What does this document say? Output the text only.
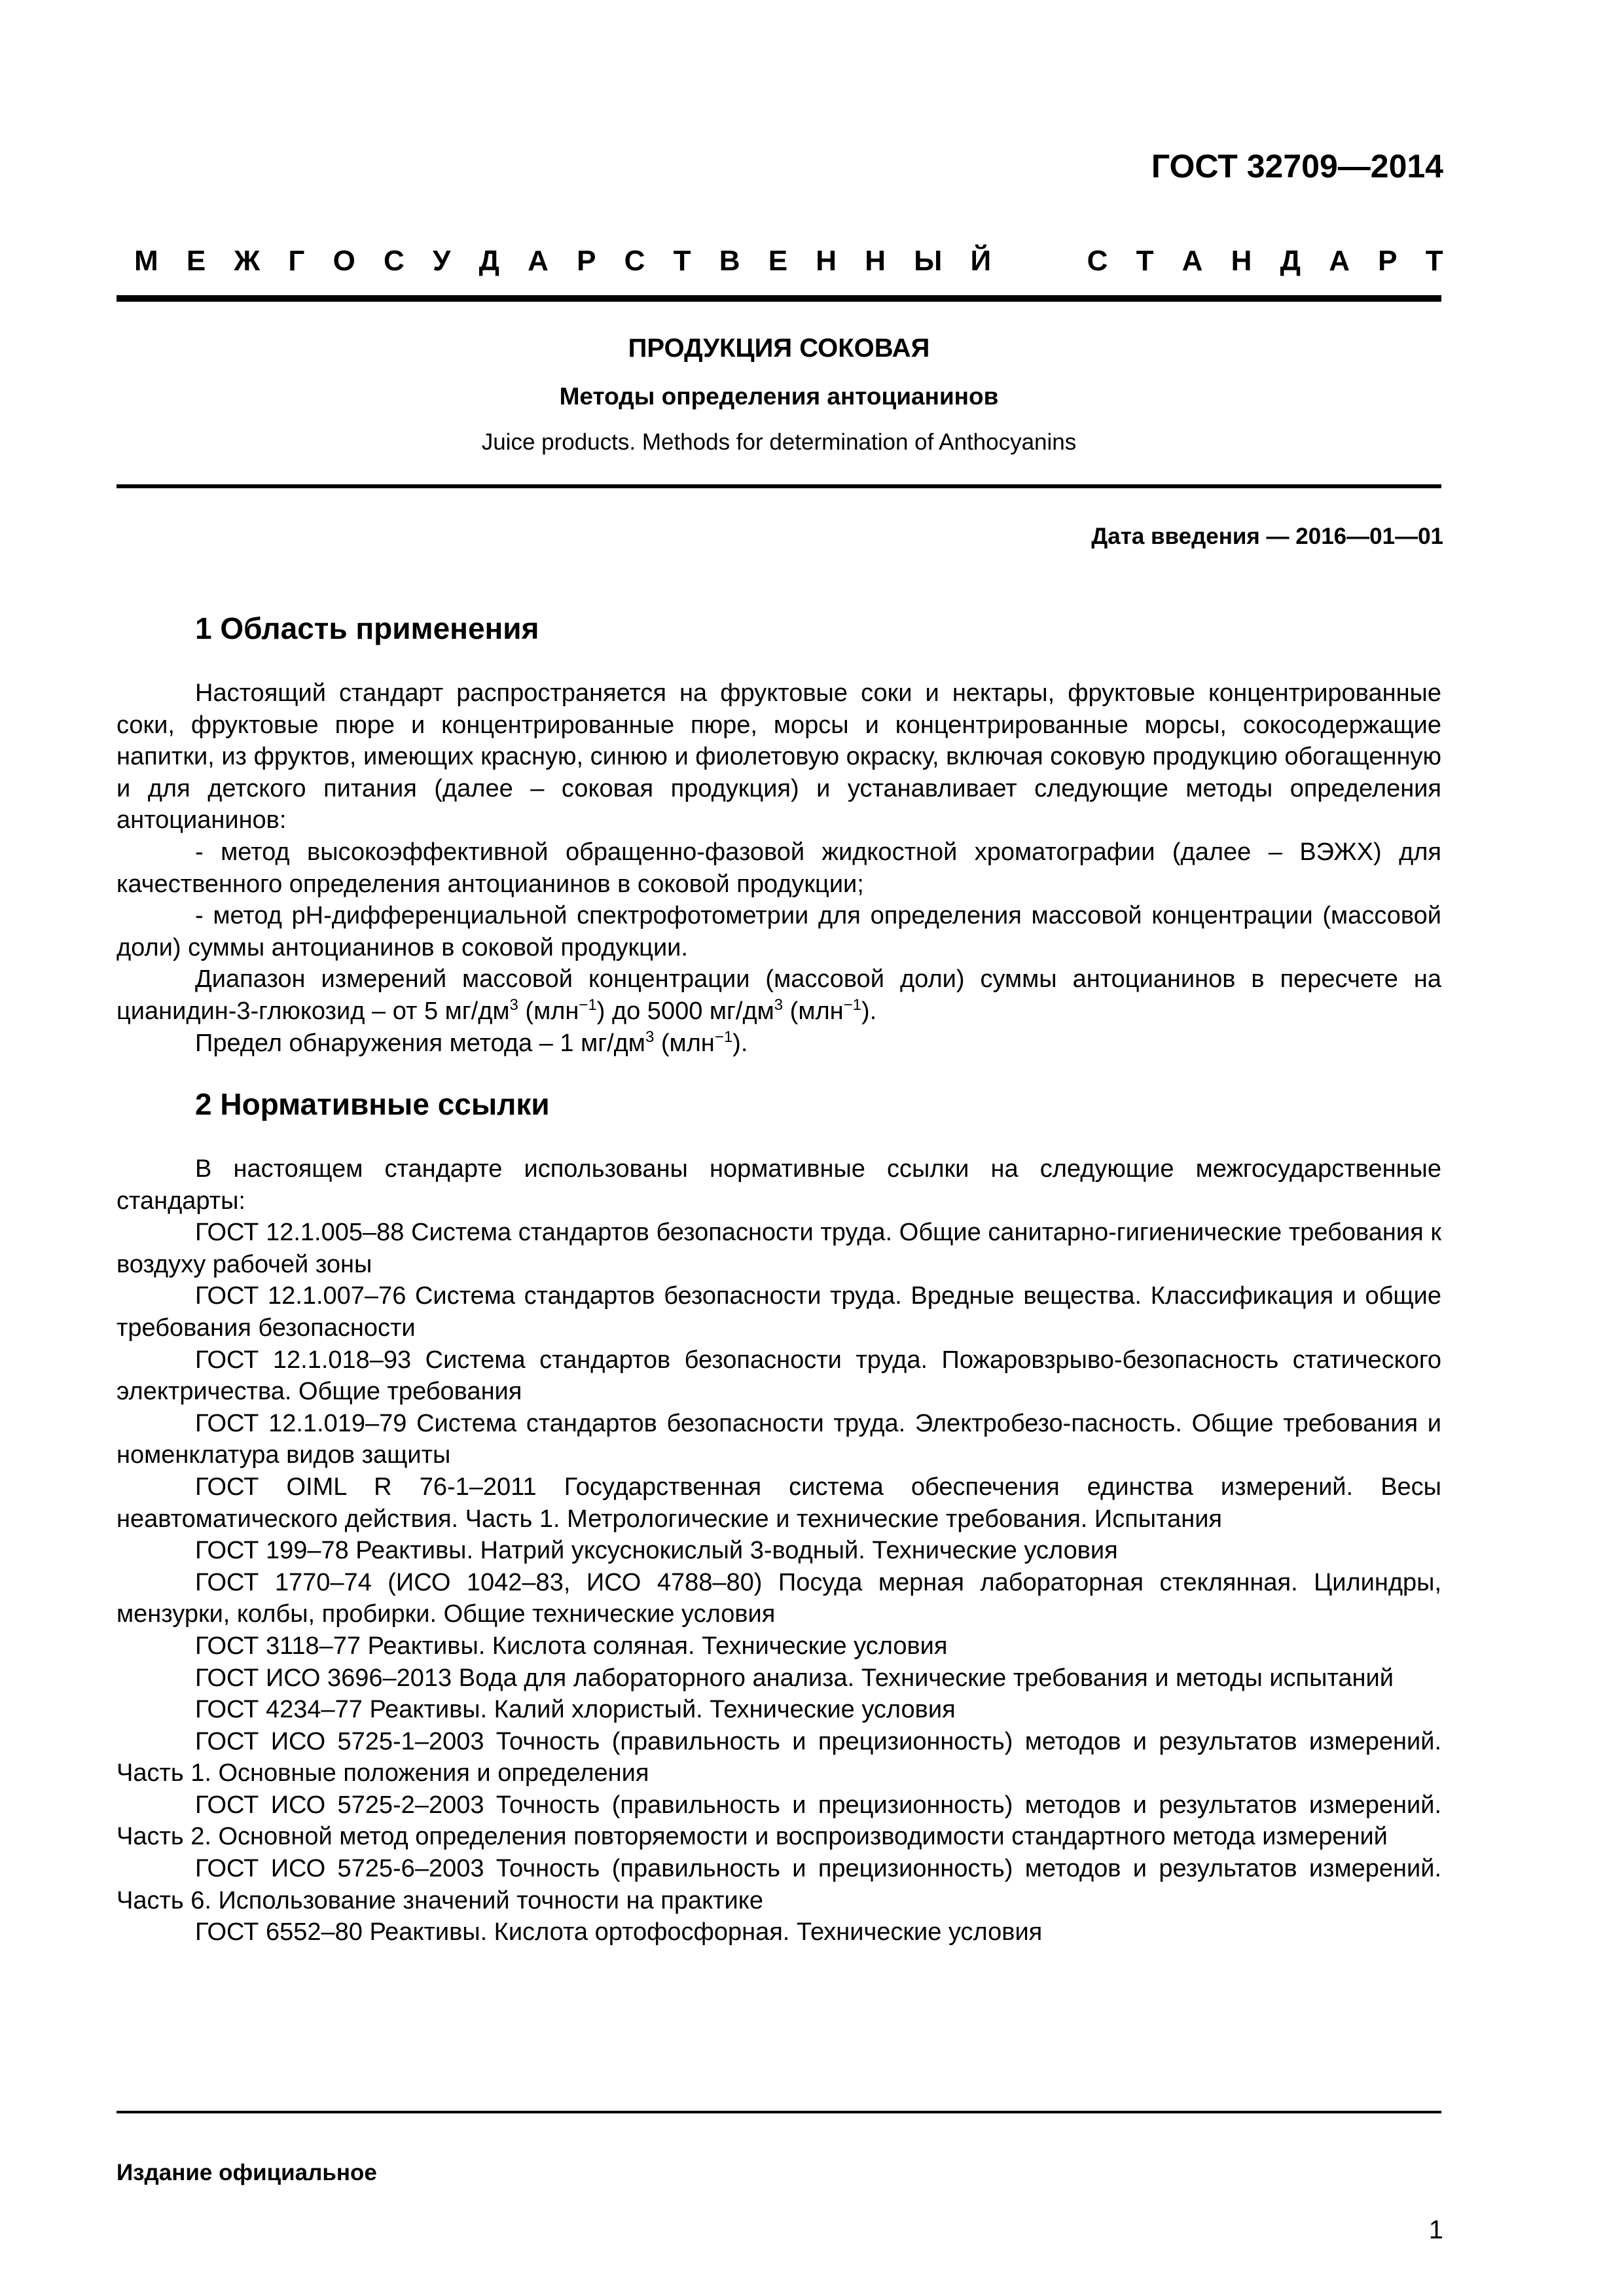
ГОСТ 32709—2014
М Е Ж Г О С У Д А Р С Т В Е Н Н Ы Й	С Т А Н Д А Р Т
ПРОДУКЦИЯ СОКОВАЯ
Методы определения антоцианинов
Juice products. Methods for determination of Anthocyanins
Дата введения — 2016—01—01
1 Область применения

Настоящий стандарт распространяется на фруктовые соки и нектары, фруктовые концентрированные соки, фруктовые пюре и концентрированные пюре, морсы и концентрированные морсы, сокосодержащие напитки, из фруктов, имеющих красную, синюю и фиолетовую окраску, включая соковую продукцию обогащенную и для детского питания (далее – соковая продукция) и устанавливает следующие методы определения антоцианинов:

- метод высокоэффективной обращенно-фазовой жидкостной хроматографии (далее – ВЭЖХ) для качественного определения антоцианинов в соковой продукции;

- метод pH-дифференциальной спектрофотометрии для определения массовой концентрации (массовой доли) суммы антоцианинов в соковой продукции.

Диапазон измерений массовой концентрации (массовой доли) суммы антоцианинов в пересчете на цианидин-3-глюкозид – от 5 $мг/дм^3$ (млн$^{-1}$) до 5000 $мг/дм^3$ (млн$^{-1}$).

Предел обнаружения метода – 1 $мг/дм^3$ (млн$^{-1}$).

2 Нормативные ссылки

В настоящем стандарте использованы нормативные ссылки на следующие межгосударственные стандарты:

ГОСТ 12.1.005–88 Система стандартов безопасности труда. Общие санитарно-гигиенические требования к воздуху рабочей зоны

ГОСТ 12.1.007–76 Система стандартов безопасности труда. Вредные вещества. Классификация и общие требования безопасности

ГОСТ 12.1.018–93 Система стандартов безопасности труда. Пожаровзрыво-безопасность статического электричества. Общие требования

ГОСТ 12.1.019–79 Система стандартов безопасности труда. Электробезо-пасность. Общие требования и номенклатура видов защиты

ГОСТ OIML R 76-1–2011 Государственная система обеспечения единства измерений. Весы неавтоматического действия. Часть 1. Метрологические и технические требования. Испытания

ГОСТ 199–78 Реактивы. Натрий уксуснокислый 3-водный. Технические условия

ГОСТ 1770–74 (ИСО 1042–83, ИСО 4788–80) Посуда мерная лабораторная стеклянная. Цилиндры, мензурки, колбы, пробирки. Общие технические условия

ГОСТ 3118–77 Реактивы. Кислота соляная. Технические условия

ГОСТ ИСО 3696–2013 Вода для лабораторного анализа. Технические требования и методы испытаний

ГОСТ 4234–77 Реактивы. Калий хлористый. Технические условия

ГОСТ ИСО 5725-1–2003 Точность (правильность и прецизионность) методов и результатов измерений. Часть 1. Основные положения и определения

ГОСТ ИСО 5725-2–2003 Точность (правильность и прецизионность) методов и результатов измерений. Часть 2. Основной метод определения повторяемости и воспроизводимости стандартного метода измерений

ГОСТ ИСО 5725-6–2003 Точность (правильность и прецизионность) методов и результатов измерений. Часть 6. Использование значений точности на практике

ГОСТ 6552–80 Реактивы. Кислота ортофосфорная. Технические условия

Издание официальное
1
